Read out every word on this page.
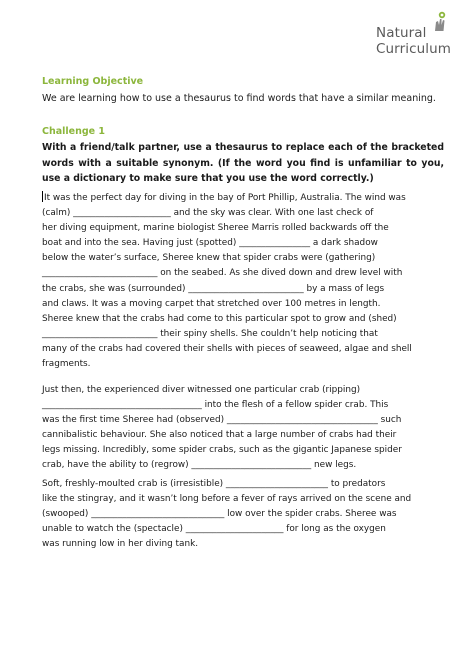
Natural
Curriculum
Learning Objective
We are learning how to use a thesaurus to find words that have a similar meaning.
Challenge 1
With a friend/talk partner, use a thesaurus to replace each of the bracketed words with a suitable synonym. (If the word you find is unfamiliar to you, use a dictionary to make sure that you use the word correctly.)
It was the perfect day for diving in the bay of Port Phillip, Australia. The wind was
(calm) ______________________ and the sky was clear. With one last check of
her diving equipment, marine biologist Sheree Marris rolled backwards off the
boat and into the sea. Having just (spotted) ________________ a dark shadow
below the water’s surface, Sheree knew that spider crabs were (gathering)
__________________________ on the seabed. As she dived down and drew level with
the crabs, she was (surrounded) __________________________ by a mass of legs
and claws. It was a moving carpet that stretched over 100 metres in length.
Sheree knew that the crabs had come to this particular spot to grow and (shed)
__________________________ their spiny shells. She couldn’t help noticing that
many of the crabs had covered their shells with pieces of seaweed, algae and shell
fragments.
Just then, the experienced diver witnessed one particular crab (ripping)
____________________________________ into the flesh of a fellow spider crab. This
was the first time Sheree had (observed) __________________________________ such
cannibalistic behaviour. She also noticed that a large number of crabs had their
legs missing. Incredibly, some spider crabs, such as the gigantic Japanese spider
crab, have the ability to (regrow) ___________________________ new legs.
Soft, freshly-moulted crab is (irresistible) _______________________ to predators
like the stingray, and it wasn’t long before a fever of rays arrived on the scene and
(swooped) ______________________________ low over the spider crabs. Sheree was
unable to watch the (spectacle) ______________________ for long as the oxygen
was running low in her diving tank.
